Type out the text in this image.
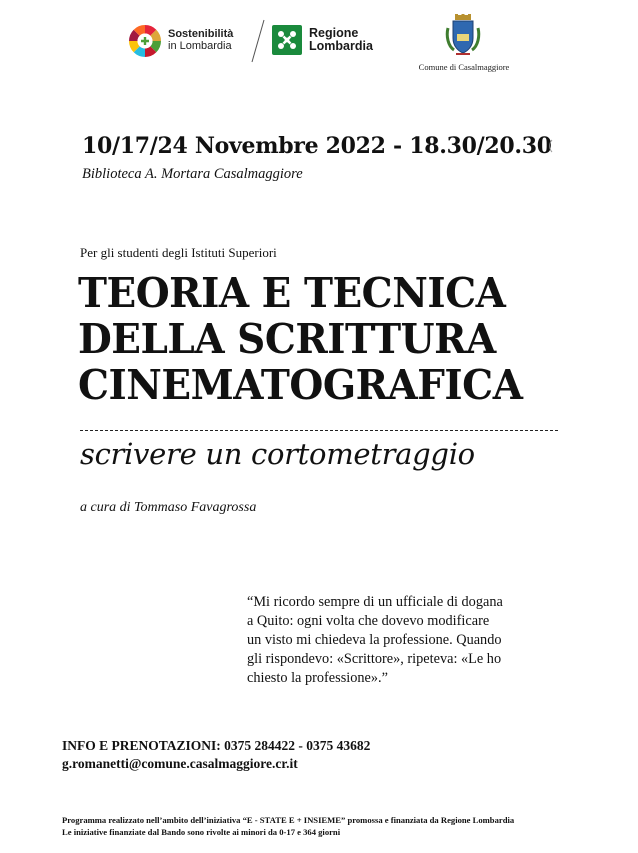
Sostenibilità
in Lombardia
Regione
Lombardia
Comune di Casalmaggiore
10/17/24 Novembre 2022 - 18.30/20.30
Biblioteca A. Mortara Casalmaggiore
Per gli studenti degli Istituti Superiori
TEORIA E TECNICA
DELLA SCRITTURA
CINEMATOGRAFICA
scrivere un cortometraggio
a cura di Tommaso Favagrossa
“Mi ricordo sempre di un ufficiale di dogana
a Quito: ogni volta che dovevo modificare
un visto mi chiedeva la professione. Quando
gli rispondevo: «Scrittore», ripeteva: «Le ho
chiesto la professione».”
INFO E PRENOTAZIONI: 0375 284422 - 0375 43682
g.romanetti@comune.casalmaggiore.cr.it
Programma realizzato nell’ambito dell’iniziativa “E - STATE E + INSIEME” promossa e finanziata da Regione Lombardia
Le iniziative finanziate dal Bando sono rivolte ai minori da 0-17 e 364 giorni
